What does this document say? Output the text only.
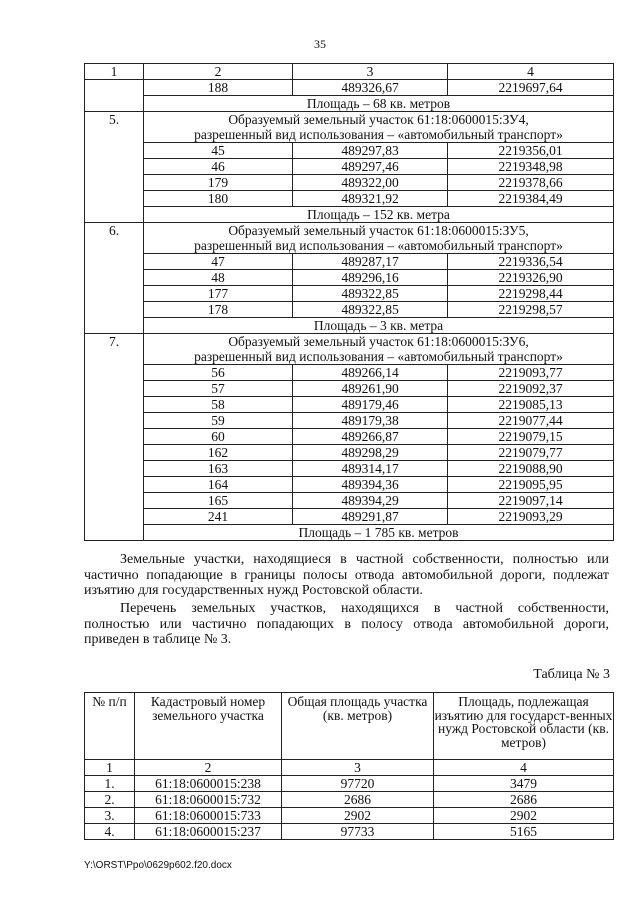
35
1	2	3	4
	188	489326,67	2219697,64
	Площадь – 68 кв. метров		
5.	Образуемый земельный участок 61:18:0600015:ЗУ4,
разрешенный вид использования – «автомобильный транспорт»		

	45	489297,83	2219356,01
	46	489297,46	2219348,98
	179	489322,00	2219378,66
	180	489321,92	2219384,49
	Площадь – 152 кв. метра		
6.	Образуемый земельный участок 61:18:0600015:ЗУ5,
разрешенный вид использования – «автомобильный транспорт»		

	47	489287,17	2219336,54
	48	489296,16	2219326,90
	177	489322,85	2219298,44
	178	489322,85	2219298,57
	Площадь – 3 кв. метра		
7.	Образуемый земельный участок 61:18:0600015:ЗУ6,
разрешенный вид использования – «автомобильный транспорт»		

	56	489266,14	2219093,77
	57	489261,90	2219092,37
	58	489179,46	2219085,13
	59	489179,38	2219077,44
	60	489266,87	2219079,15
	162	489298,29	2219079,77
	163	489314,17	2219088,90
	164	489394,36	2219095,95
	165	489394,29	2219097,14
	241	489291,87	2219093,29
	Площадь – 1 785 кв. метров		
Земельные участки, находящиеся в частной собственности, полностью или частично попадающие в границы полосы отвода автомобильной дороги, подлежат изъятию для государственных нужд Ростовской области.
Перечень земельных участков, находящихся в частной собственности, полностью или частично попадающих в полосу отвода автомобильной дороги, приведен в таблице № 3.
Таблица № 3
№ п/п	Кадастровый номер земельного участка	Общая площадь участка (кв. метров)	Площадь, подлежащая изъятию для государст-венных нужд Ростовской области (кв. метров)
1	2	3	4
1.	61:18:0600015:238	97720	3479
2.	61:18:0600015:732	2686	2686
3.	61:18:0600015:733	2902	2902
4.	61:18:0600015:237	97733	5165
Y:\ORST\Ppo\0629p602.f20.docx
